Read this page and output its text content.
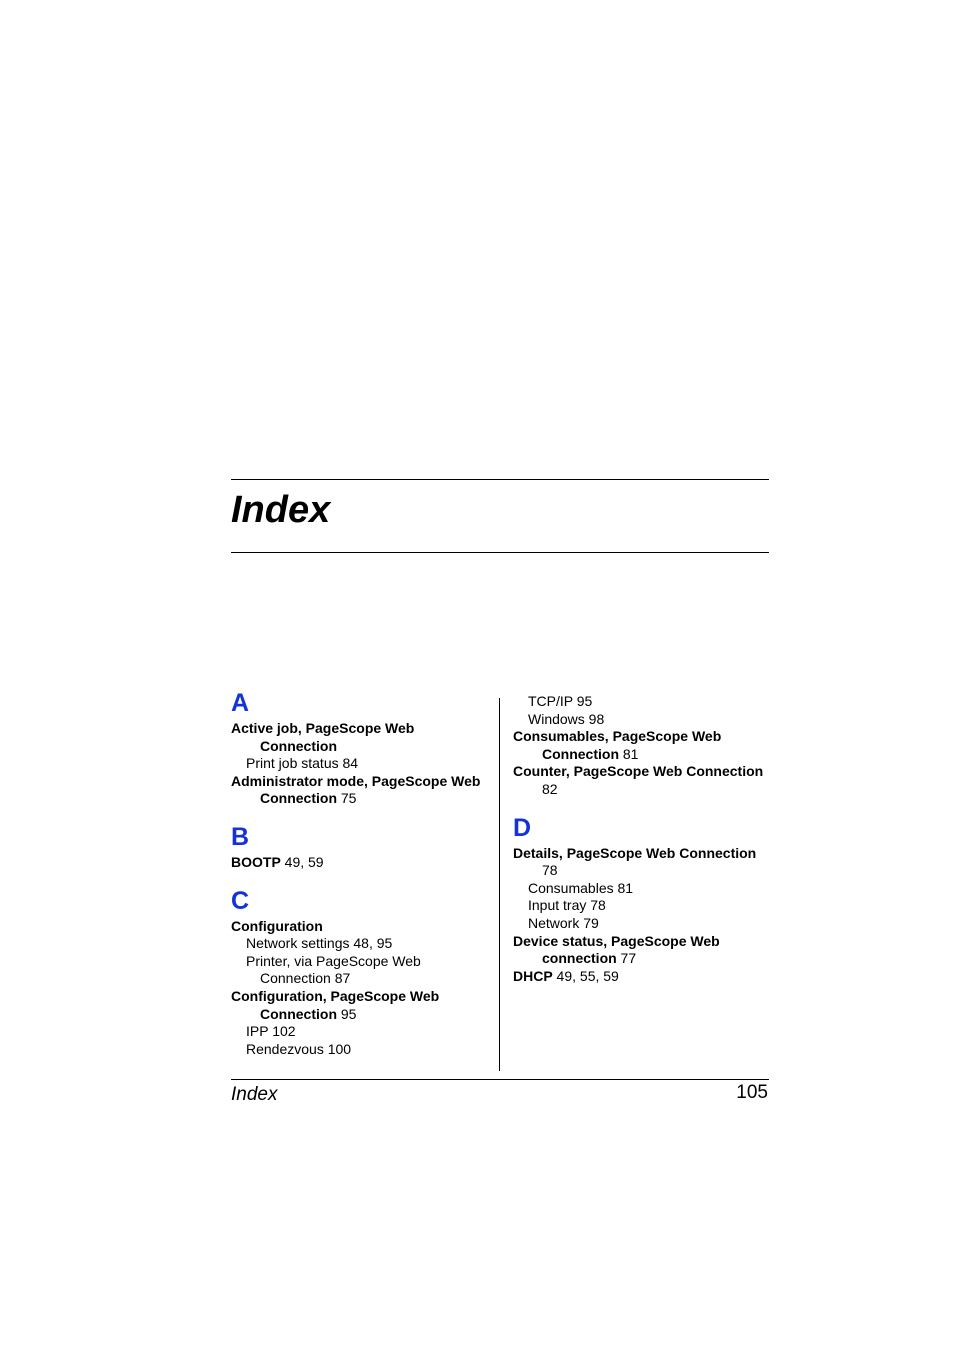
Index
A
Active job, PageScope Web Connection
Print job status 84
Administrator mode, PageScope Web Connection 75
B
BOOTP 49, 59
C
Configuration
Network settings 48, 95
Printer, via PageScope Web Connection 87
Configuration, PageScope Web Connection 95
IPP 102
Rendezvous 100
TCP/IP 95
Windows 98
Consumables, PageScope Web Connection 81
Counter, PageScope Web Connection 82
D
Details, PageScope Web Connection 78
Consumables 81
Input tray 78
Network 79
Device status, PageScope Web connection 77
DHCP 49, 55, 59
Index	105
